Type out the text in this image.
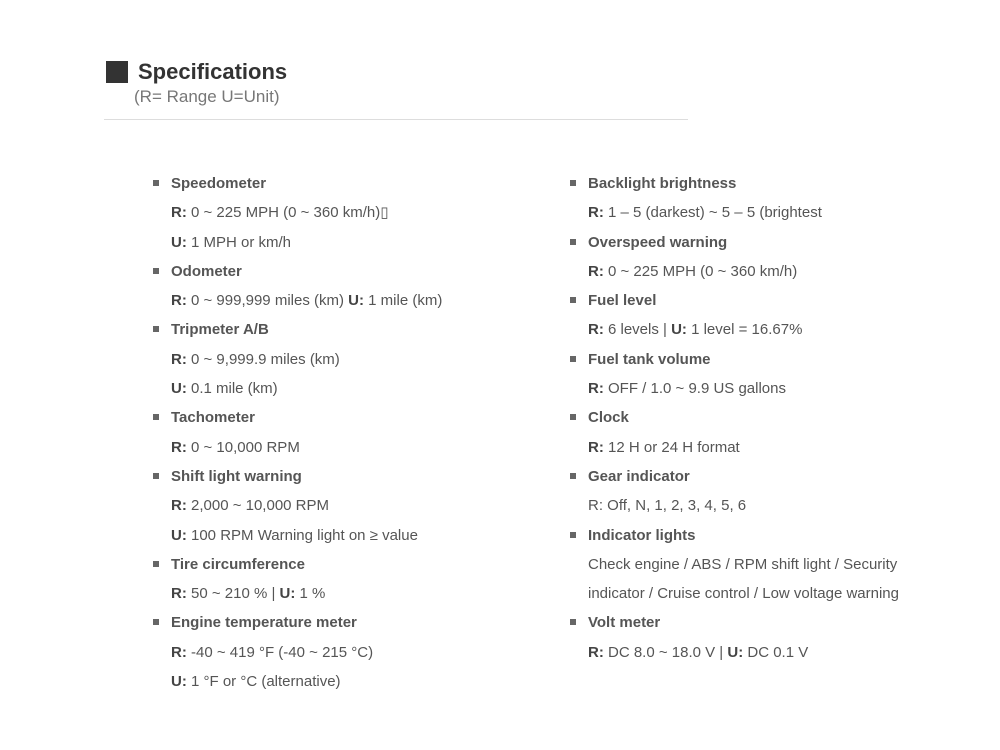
Specifications
(R= Range U=Unit)
Speedometer
R: 0 ~ 225 MPH (0 ~ 360 km/h)▯
U: 1 MPH or km/h
Odometer
R: 0 ~ 999,999 miles (km) U: 1 mile (km)
Tripmeter A/B
R: 0 ~ 9,999.9 miles (km)
U: 0.1 mile (km)
Tachometer
R: 0 ~ 10,000 RPM
Shift light warning
R: 2,000 ~ 10,000 RPM
U: 100 RPM Warning light on ≥ value
Tire circumference
R: 50 ~ 210 % | U: 1 %
Engine temperature meter
R: -40 ~ 419 °F (-40 ~ 215 °C)
U: 1 °F or °C (alternative)
Backlight brightness
R: 1 – 5 (darkest) ~ 5 – 5 (brightest
Overspeed warning
R: 0 ~ 225 MPH (0 ~ 360 km/h)
Fuel level
R: 6 levels | U: 1 level = 16.67%
Fuel tank volume
R: OFF / 1.0 ~ 9.9 US gallons
Clock
R: 12 H or 24 H format
Gear indicator
R: Off, N, 1, 2, 3, 4, 5, 6
Indicator lights
Check engine / ABS / RPM shift light / Security indicator / Cruise control / Low voltage warning
Volt meter
R: DC 8.0 ~ 18.0 V | U: DC 0.1 V
